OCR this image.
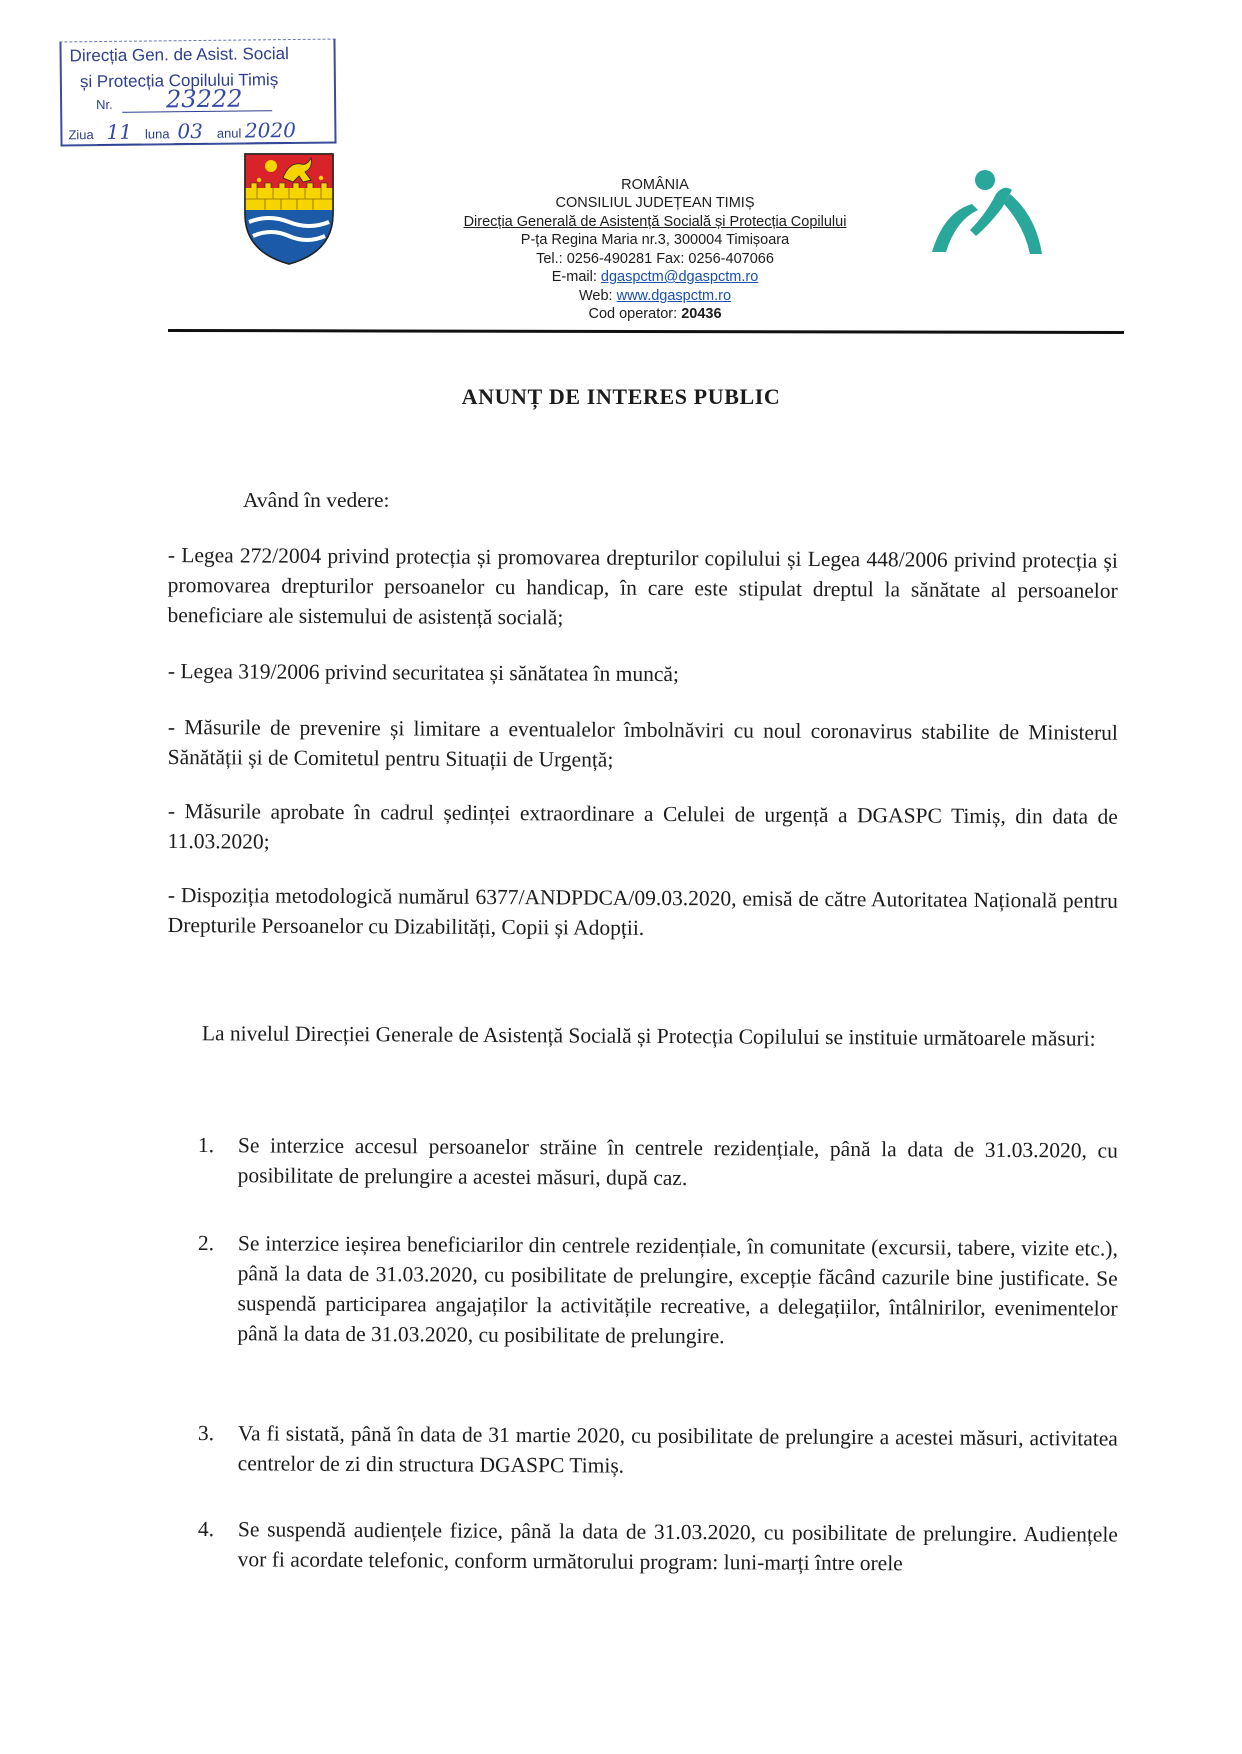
Direcția Gen. de Asist. Social
și Protecția Copilului Timiș
Nr. 23222
Ziua 11 luna 03 anul 2020
ROMÂNIA
CONSILIUL JUDEȚEAN TIMIȘ
Direcția Generală de Asistență Socială și Protecția Copilului
P-ța Regina Maria nr.3, 300004 Timișoara
Tel.: 0256-490281 Fax: 0256-407066
E-mail: dgaspctm@dgaspctm.ro
Web: www.dgaspctm.ro
Cod operator: 20436
ANUNȚ DE INTERES PUBLIC
Având în vedere:
- Legea 272/2004 privind protecția și promovarea drepturilor copilului și Legea 448/2006 privind protecția și promovarea drepturilor persoanelor cu handicap, în care este stipulat dreptul la sănătate al persoanelor beneficiare ale sistemului de asistență socială;
- Legea 319/2006 privind securitatea și sănătatea în muncă;
- Măsurile de prevenire și limitare a eventualelor îmbolnăviri cu noul coronavirus stabilite de Ministerul Sănătății și de Comitetul pentru Situații de Urgență;
- Măsurile aprobate în cadrul ședinței extraordinare a Celulei de urgență a DGASPC Timiș, din data de 11.03.2020;
- Dispoziția metodologică numărul 6377/ANDPDCA/09.03.2020, emisă de către Autoritatea Națională pentru Drepturile Persoanelor cu Dizabilități, Copii și Adopții.
La nivelul Direcției Generale de Asistență Socială și Protecția Copilului se instituie următoarele măsuri:
1. Se interzice accesul persoanelor străine în centrele rezidențiale, până la data de 31.03.2020, cu posibilitate de prelungire a acestei măsuri, după caz.
2. Se interzice ieșirea beneficiarilor din centrele rezidențiale, în comunitate (excursii, tabere, vizite etc.), până la data de 31.03.2020, cu posibilitate de prelungire, excepție făcând cazurile bine justificate. Se suspendă participarea angajaților la activitățile recreative, a delegațiilor, întâlnirilor, evenimentelor până la data de 31.03.2020, cu posibilitate de prelungire.
3. Va fi sistată, până în data de 31 martie 2020, cu posibilitate de prelungire a acestei măsuri, activitatea centrelor de zi din structura DGASPC Timiș.
4. Se suspendă audiențele fizice, până la data de 31.03.2020, cu posibilitate de prelungire. Audiențele vor fi acordate telefonic, conform următorului program: luni-marți între orele
